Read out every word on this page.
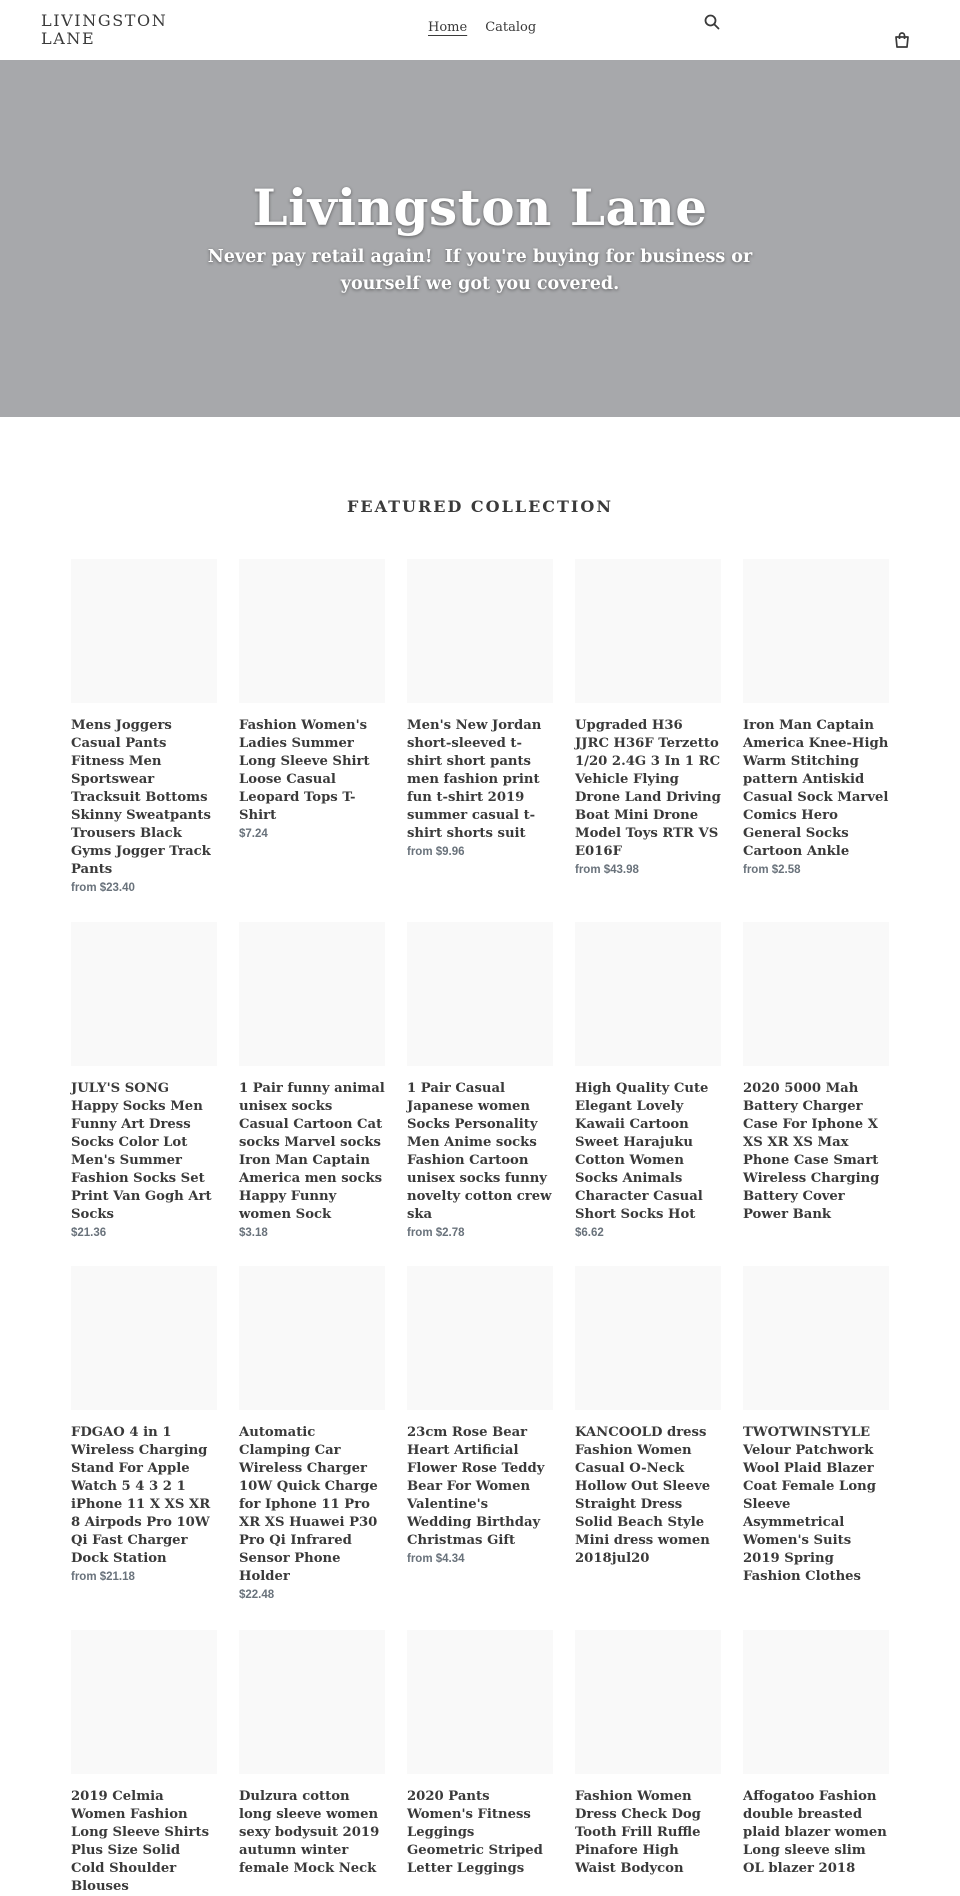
LIVINGSTON
LANE
Home Catalog
Livingston Lane

Never pay retail again!  If you're buying for business or yourself we got you covered.

FEATURED COLLECTION
Mens Joggers Casual Pants Fitness Men Sportswear Tracksuit Bottoms Skinny Sweatpants Trousers Black Gyms Jogger Track Pants
from $23.40
Fashion Women's Ladies Summer Long Sleeve Shirt Loose Casual Leopard Tops T-Shirt
$7.24
Men's New Jordan short-sleeved t-shirt short pants men fashion print fun t-shirt 2019 summer casual t-shirt shorts suit
from $9.96
Upgraded H36 JJRC H36F Terzetto 1/20 2.4G 3 In 1 RC Vehicle Flying Drone Land Driving Boat Mini Drone Model Toys RTR VS E016F
from $43.98
Iron Man Captain America Knee-High Warm Stitching pattern Antiskid Casual Sock Marvel Comics Hero General Socks Cartoon Ankle
from $2.58
JULY'S SONG Happy Socks Men Funny Art Dress Socks Color Lot Men's Summer Fashion Socks Set Print Van Gogh Art Socks
$21.36
1 Pair funny animal unisex socks Casual Cartoon Cat socks Marvel socks Iron Man Captain America men socks Happy Funny women Sock
$3.18
1 Pair Casual Japanese women Socks Personality Men Anime socks Fashion Cartoon unisex socks funny novelty cotton crew ska
from $2.78
High Quality Cute Elegant Lovely Kawaii Cartoon Sweet Harajuku Cotton Women Socks Animals Character Casual Short Socks Hot
$6.62
2020 5000 Mah Battery Charger Case For Iphone X XS XR XS Max Phone Case Smart Wireless Charging Battery Cover Power Bank
FDGAO 4 in 1 Wireless Charging Stand For Apple Watch 5 4 3 2 1 iPhone 11 X XS XR 8 Airpods Pro 10W Qi Fast Charger Dock Station
from $21.18
Automatic Clamping Car Wireless Charger 10W Quick Charge for Iphone 11 Pro XR XS Huawei P30 Pro Qi Infrared Sensor Phone Holder
$22.48
23cm Rose Bear Heart Artificial Flower Rose Teddy Bear For Women Valentine's Wedding Birthday Christmas Gift
from $4.34
KANCOOLD dress Fashion Women Casual O-Neck Hollow Out Sleeve Straight Dress Solid Beach Style Mini dress women 2018jul20
TWOTWINSTYLE Velour Patchwork Wool Plaid Blazer Coat Female Long Sleeve Asymmetrical Women's Suits 2019 Spring Fashion Clothes
2019 Celmia Women Fashion Long Sleeve Shirts Plus Size Solid Cold Shoulder Blouses
Dulzura cotton long sleeve women sexy bodysuit 2019 autumn winter female Mock Neck
2020 Pants Women's Fitness Leggings Geometric Striped Letter Leggings
Fashion Women Dress Check Dog Tooth Frill Ruffle Pinafore High Waist Bodycon
Affogatoo Fashion double breasted plaid blazer women Long sleeve slim OL blazer 2018
